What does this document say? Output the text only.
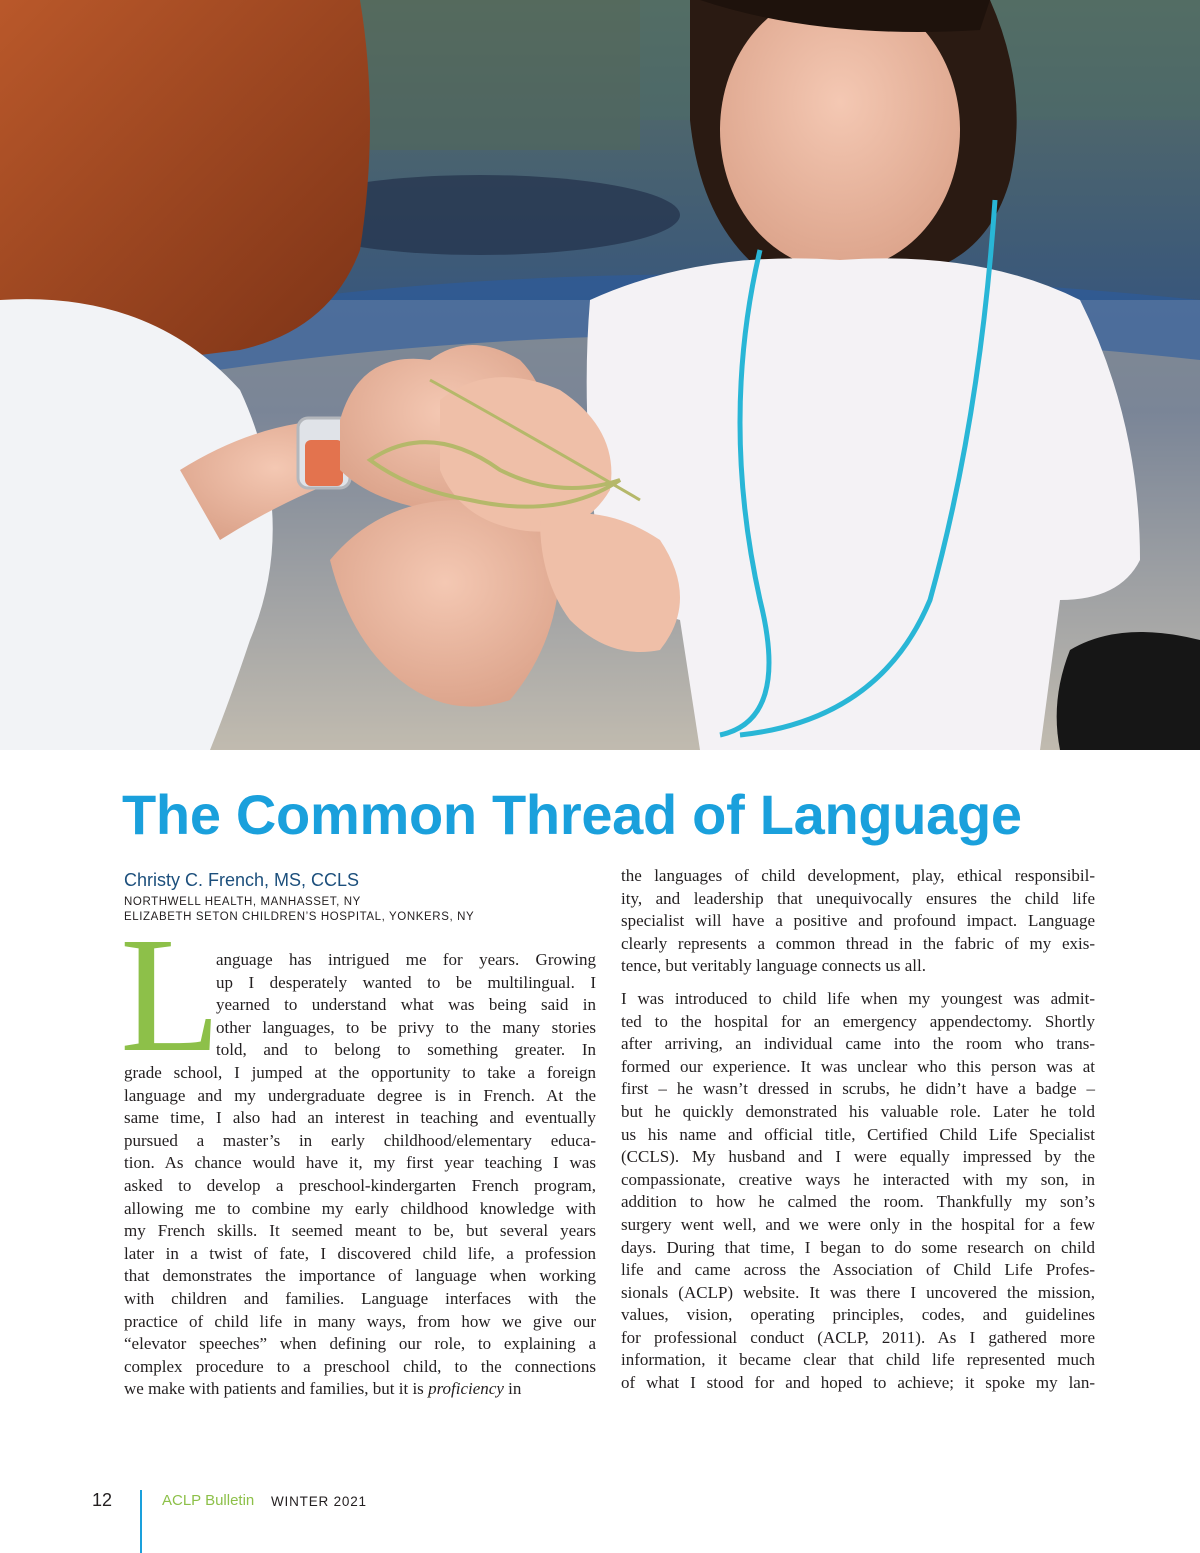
The Common Thread of Language

Christy C. French, MS, CCLS

NORTHWELL HEALTH, MANHASSET, NY

ELIZABETH SETON CHILDREN’S HOSPITAL, YONKERS, NY

L

anguage has intrigued me for years. Growing
up I desperately wanted to be multilingual. I
yearned to understand what was being said in
other languages, to be privy to the many stories
told, and to belong to something greater. In
grade school, I jumped at the opportunity to take a foreign
language and my undergraduate degree is in French. At the
same time, I also had an interest in teaching and eventually
pursued a master’s in early childhood/elementary educa-
tion. As chance would have it, my first year teaching I was
asked to develop a preschool-kindergarten French program,
allowing me to combine my early childhood knowledge with
my French skills. It seemed meant to be, but several years
later in a twist of fate, I discovered child life, a profession
that demonstrates the importance of language when working
with children and families. Language interfaces with the
practice of child life in many ways, from how we give our
“elevator speeches” when defining our role, to explaining a
complex procedure to a preschool child, to the connections
we make with patients and families, but it is proficiency in

the languages of child development, play, ethical responsibil-
ity, and leadership that unequivocally ensures the child life
specialist will have a positive and profound impact. Language
clearly represents a common thread in the fabric of my exis-
tence, but veritably language connects us all.

I was introduced to child life when my youngest was admit-
ted to the hospital for an emergency appendectomy. Shortly
after arriving, an individual came into the room who trans-
formed our experience. It was unclear who this person was at
first – he wasn’t dressed in scrubs, he didn’t have a badge –
but he quickly demonstrated his valuable role. Later he told
us his name and official title, Certified Child Life Specialist
(CCLS). My husband and I were equally impressed by the
compassionate, creative ways he interacted with my son, in
addition to how he calmed the room. Thankfully my son’s
surgery went well, and we were only in the hospital for a few
days. During that time, I began to do some research on child
life and came across the Association of Child Life Profes-
sionals (ACLP) website. It was there I uncovered the mission,
values, vision, operating principles, codes, and guidelines
for professional conduct (ACLP, 2011). As I gathered more
information, it became clear that child life represented much
of what I stood for and hoped to achieve; it spoke my lan-

12	ACLP Bulletin WINTER 2021
